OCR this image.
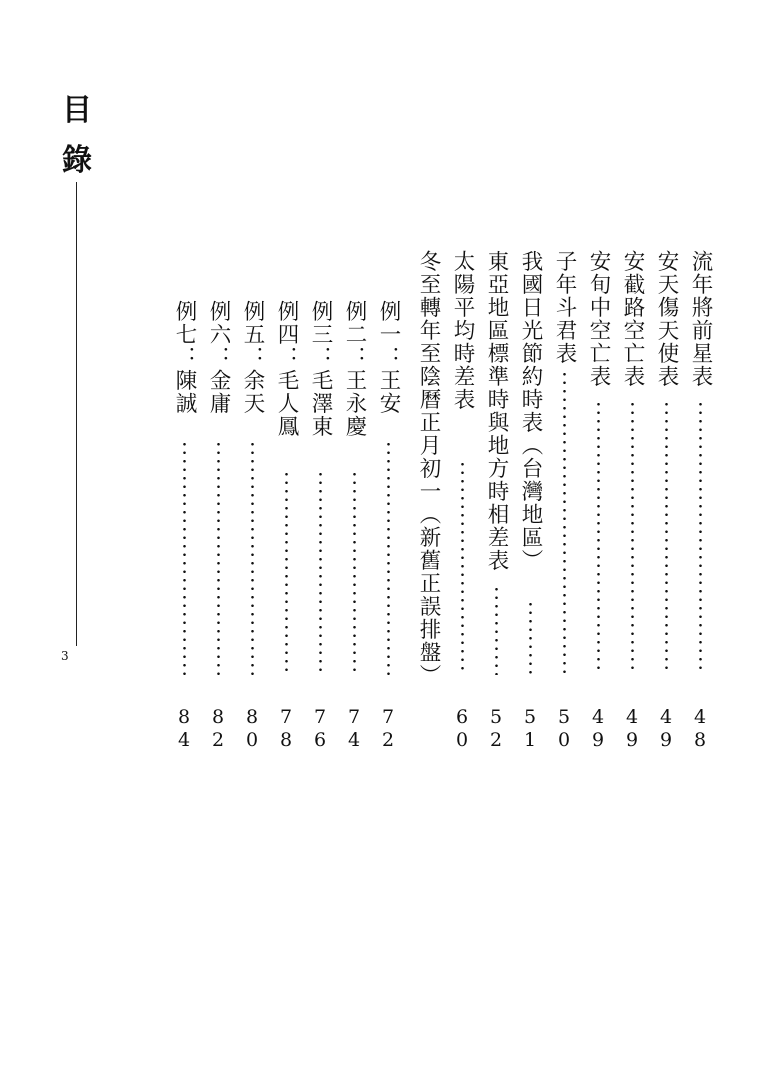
目
錄
3
流年將前星表
48
安天傷天使表
49
安截路空亡表
49
安旬中空亡表
49
子年斗君表
50
我國日光節約時表（台灣地區）
51
東亞地區標準時與地方時相差表
52
太陽平均時差表
60
冬至轉年至陰曆正月初一（新舊正誤排盤）
例一：王安
72
例二：王永慶
74
例三：毛澤東
76
例四：毛人鳳
78
例五：余天
80
例六：金庸
82
例七：陳誠
84
